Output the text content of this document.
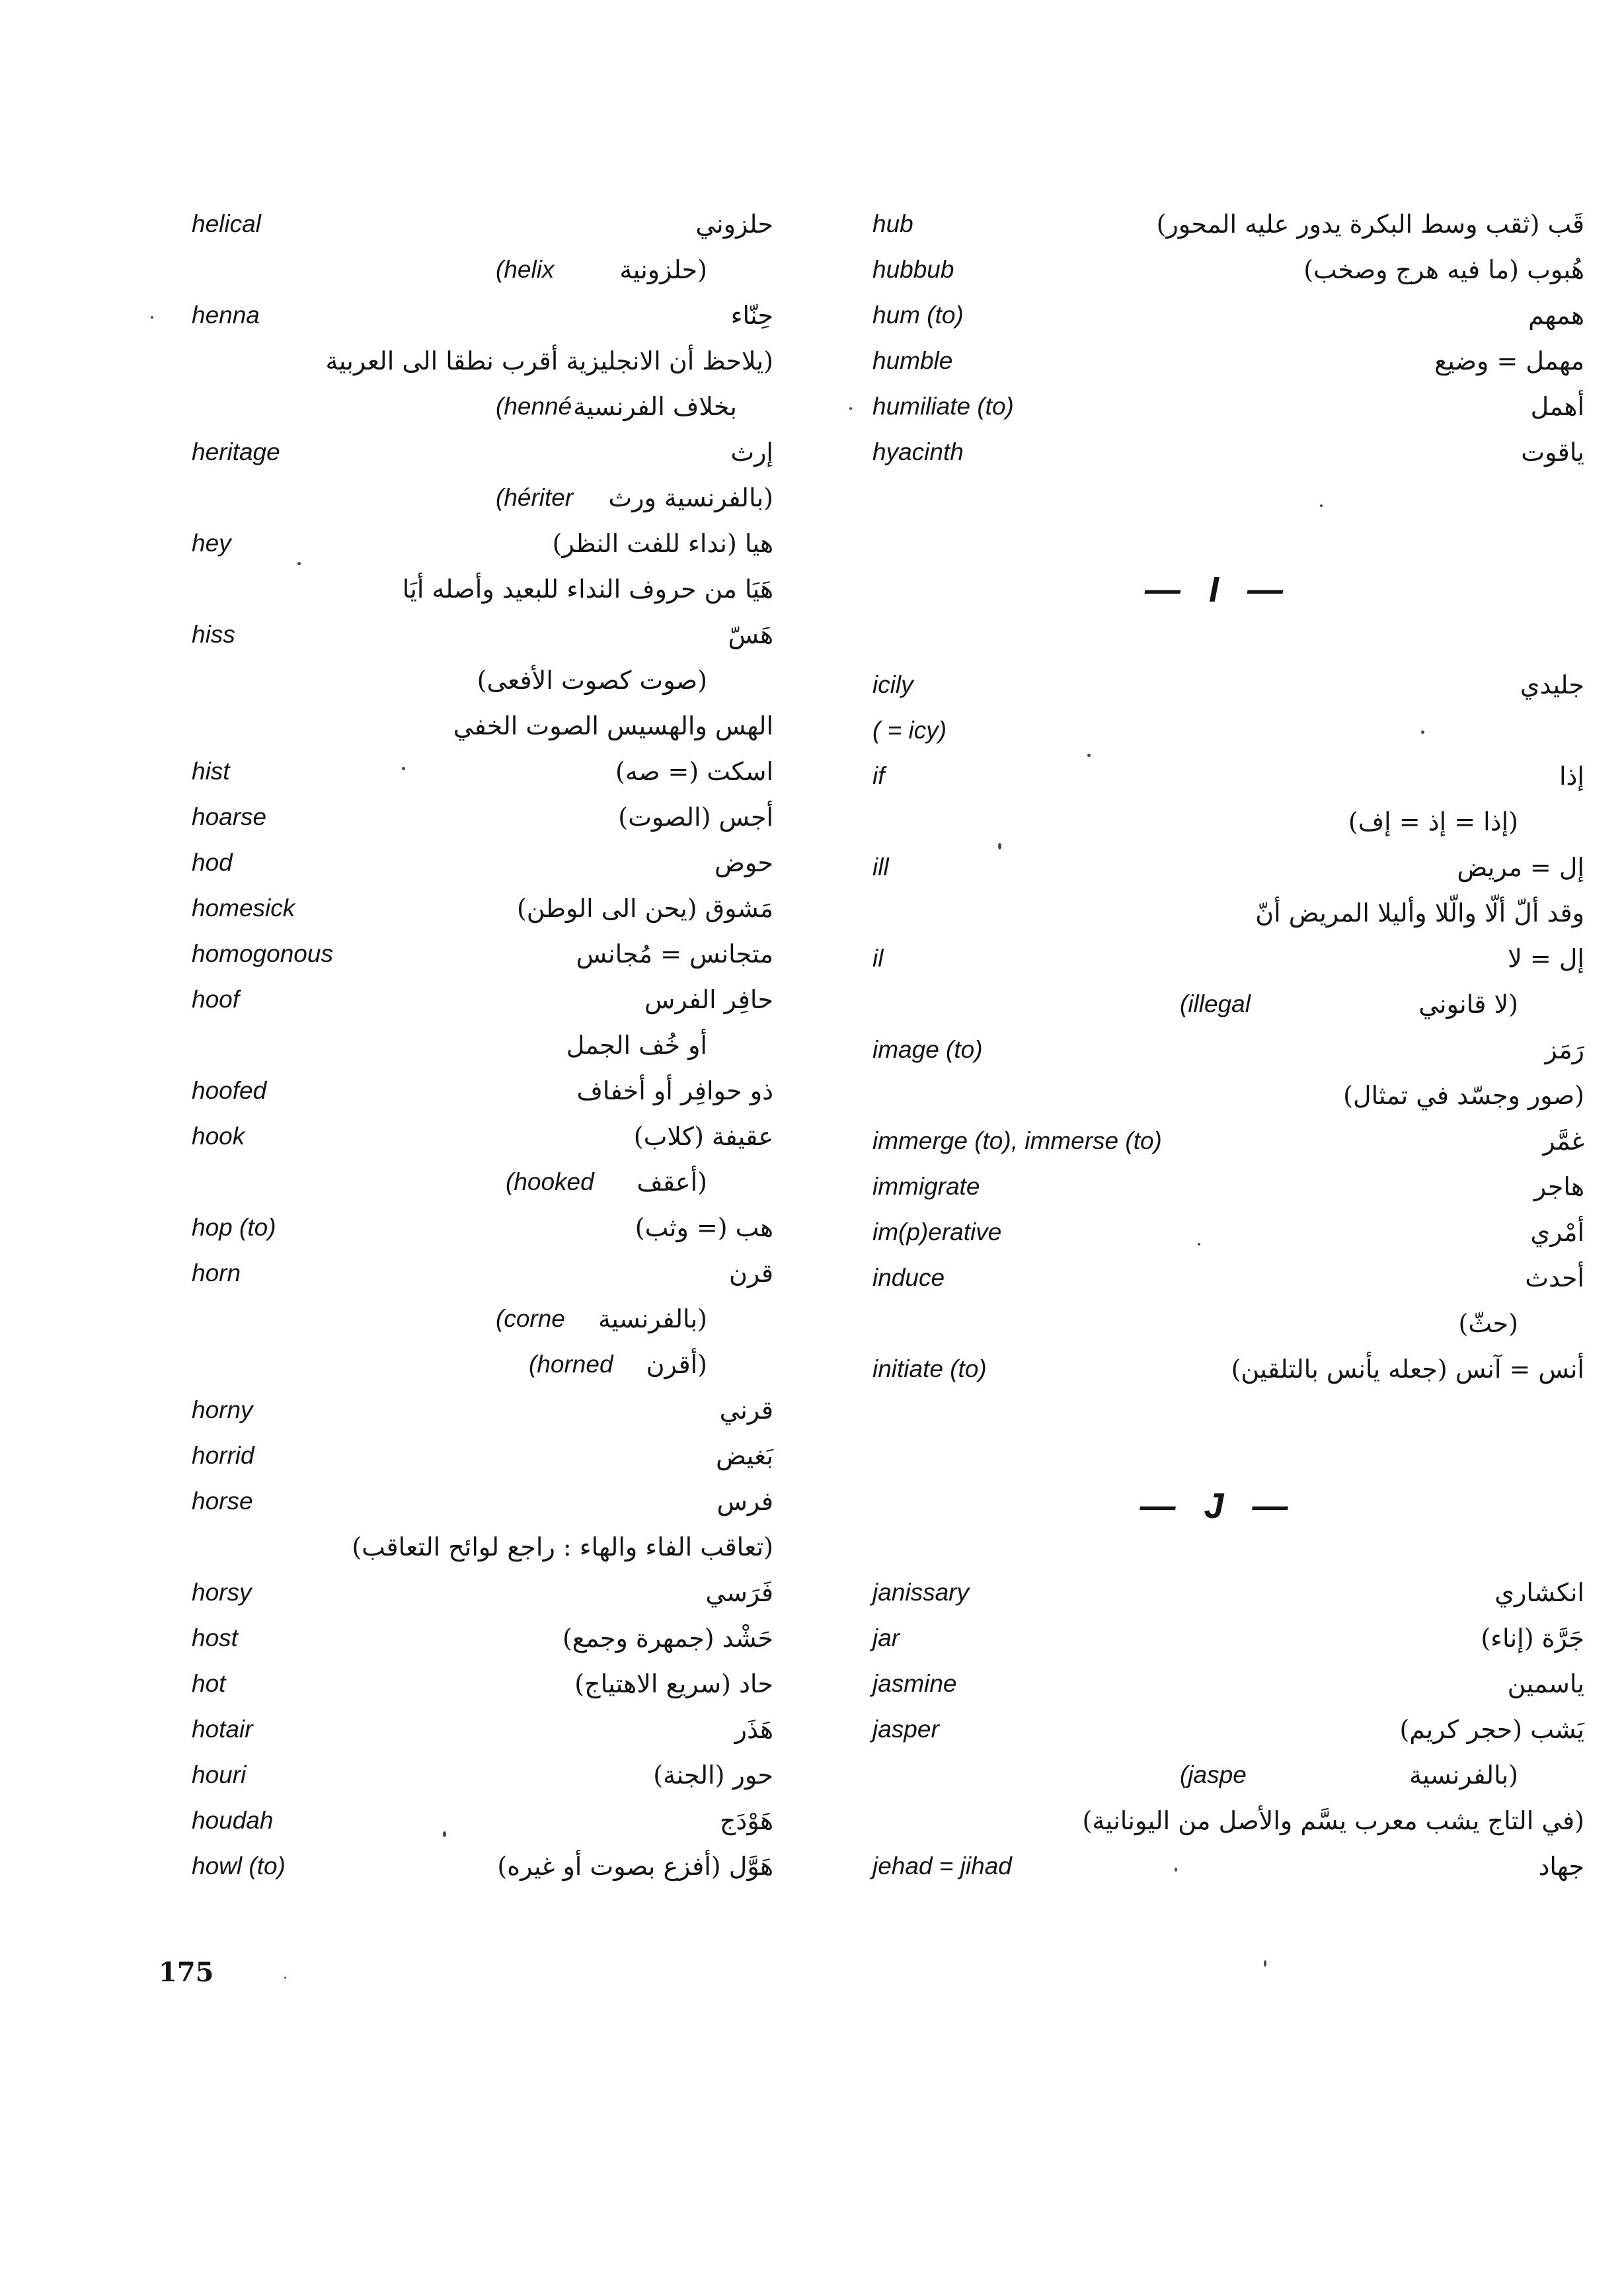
helical	حلزوني
(helix	(حلزونية
henna	حِنّاء
(يلاحظ أن الانجليزية أقرب نطقا الى العربية
(henné بخلاف الفرنسية
heritage	إرث
(hériter (بالفرنسية ورث
hey	هيا (نداء للفت النظر)
هَيَا من حروف النداء للبعيد وأصله أيَا
hiss	هَسّ
(صوت كصوت الأفعى)
الهس والهسيس الصوت الخفي
hist	اسكت (= صه)
hoarse	أجس (الصوت)
hod	حوض
homesick	مَشوق (يحن الى الوطن)
homogonous	متجانس = مُجانس
hoof	حافِر الفرس
أو خُف الجمل
hoofed	ذو حوافِر أو أخفاف
hook	عقيفة (كلاب)
(hooked (أعقف
hop (to)	هب (= وثب)
horn	قرن
(corne (بالفرنسية
(horned (أقرن
horny	قرني
horrid	بَغيض
horse	فرس
(تعاقب الفاء والهاء : راجع لوائح التعاقب)
horsy	فَرَسي
host	حَشْد (جمهرة وجمع)
hot	حاد (سريع الاهتياج)
hotair	هَذَر
houri	حور (الجنة)
houdah	هَوْدَج
howl (to)	هَوَّل (أفزع بصوت أو غيره)
hub	قَب (ثقب وسط البكرة يدور عليه المحور)
hubbub	هُبوب (ما فيه هرج وصخب)
hum (to)	همهم
humble	مهمل = وضيع
humiliate (to)	أهمل
hyacinth	ياقوت
— I —
icily	جليدي
( = icy)
if	إذا
(إذا = إذ = إف)
ill	إل = مريض
وقد ألّ ألّا والّلا وأليلا المريض أنّ
il	إل = لا
(illegal	(لا قانوني
image (to)	رَمَز
(صور وجسّد في تمثال)
immerge (to), immerse (to)	غمَّر
immigrate	هاجر
im(p)erative	أمْري
induce	أحدث
(حثّ)
initiate (to)	أنس = آنس (جعله يأنس بالتلقين)
— J —
janissary	انكشاري
jar	جَرَّة (إناء)
jasmine	ياسمين
jasper	يَشب (حجر كريم)
(jaspe	(بالفرنسية
(في التاج يشب معرب يسَّم والأصل من اليونانية)
jehad = jihad	جهاد
175
